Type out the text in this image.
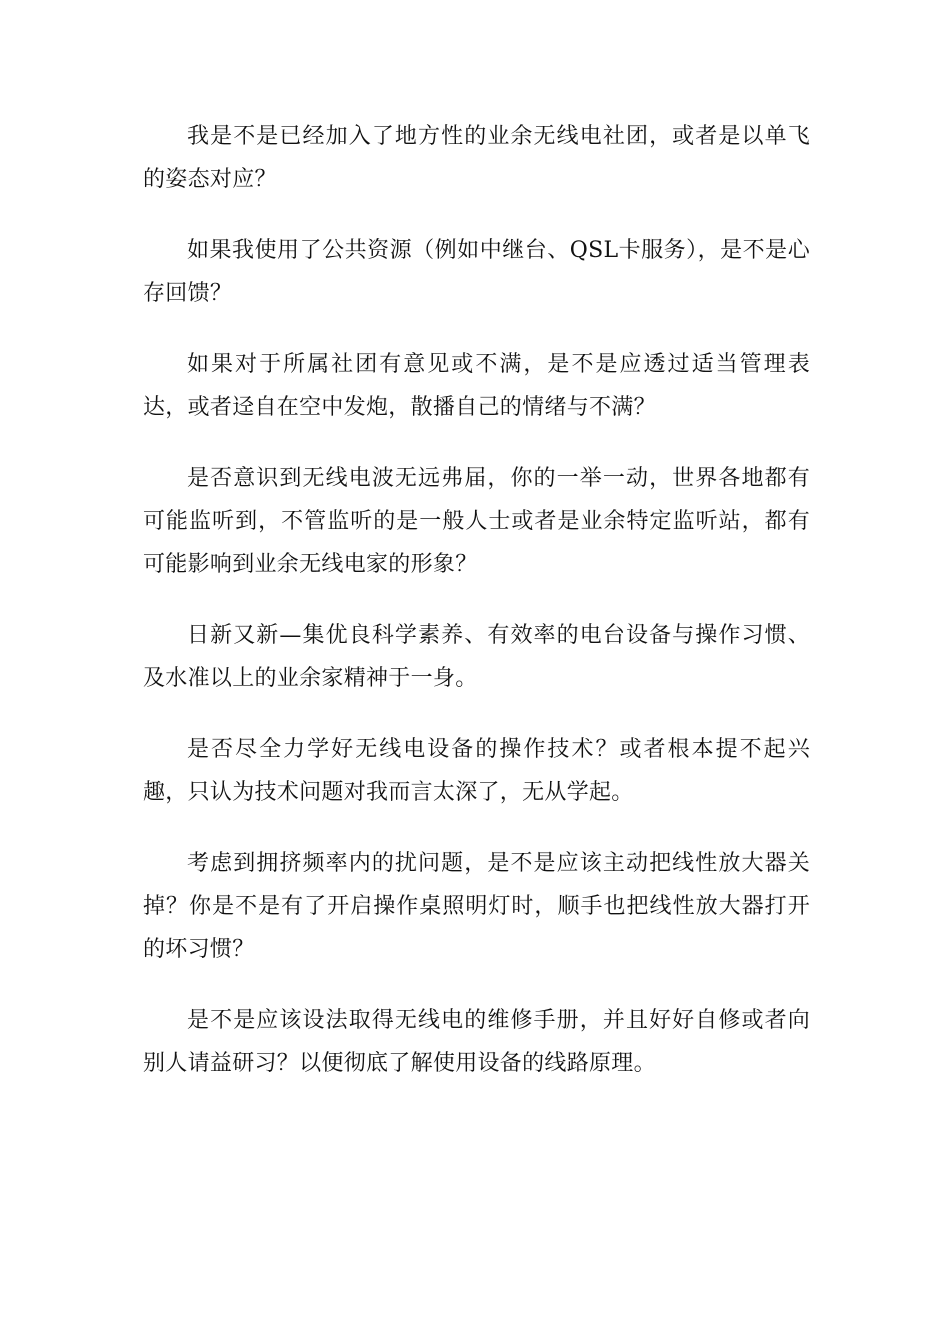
我是不是已经加入了地方性的业余无线电社团，或者是以单飞的姿态对应？

如果我使用了公共资源（例如中继台、QSL卡服务），是不是心存回馈？

如果对于所属社团有意见或不满，是不是应透过适当管理表达，或者迳自在空中发炮，散播自己的情绪与不满？

是否意识到无线电波无远弗届，你的一举一动，世界各地都有可能监听到，不管监听的是一般人士或者是业余特定监听站，都有可能影响到业余无线电家的形象？

日新又新—集优良科学素养、有效率的电台设备与操作习惯、及水准以上的业余家精神于一身。

是否尽全力学好无线电设备的操作技术？或者根本提不起兴趣，只认为技术问题对我而言太深了，无从学起。

考虑到拥挤频率内的扰问题，是不是应该主动把线性放大器关掉？你是不是有了开启操作桌照明灯时，顺手也把线性放大器打开的坏习惯？

是不是应该设法取得无线电的维修手册，并且好好自修或者向别人请益研习？以便彻底了解使用设备的线路原理。
